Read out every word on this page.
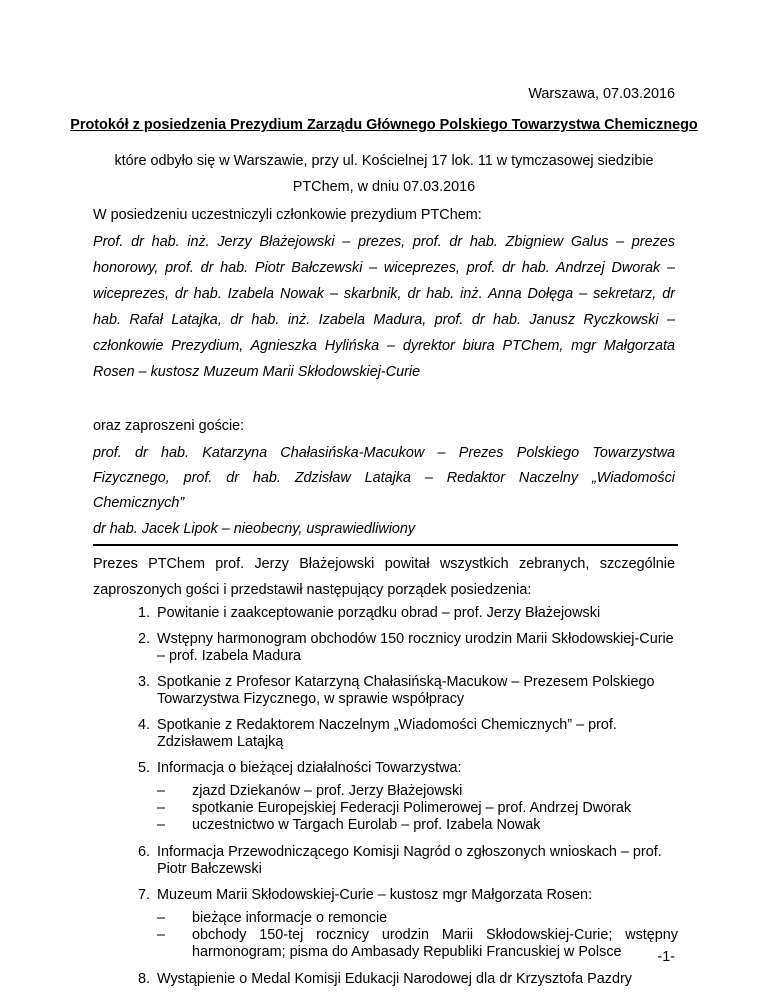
Warszawa, 07.03.2016
Protokół z posiedzenia Prezydium Zarządu Głównego Polskiego Towarzystwa Chemicznego
które odbyło się w Warszawie, przy ul. Kościelnej 17 lok. 11 w tymczasowej siedzibie PTChem, w dniu 07.03.2016
W posiedzeniu uczestniczyli członkowie prezydium PTChem:
Prof. dr hab. inż. Jerzy Błażejowski – prezes, prof. dr hab. Zbigniew Galus – prezes honorowy, prof. dr hab. Piotr Bałczewski – wiceprezes, prof. dr hab. Andrzej Dworak – wiceprezes, dr hab. Izabela Nowak – skarbnik, dr hab. inż. Anna Dołęga – sekretarz, dr hab. Rafał Latajka, dr hab. inż. Izabela Madura, prof. dr hab. Janusz Ryczkowski – członkowie Prezydium, Agnieszka Hylińska – dyrektor biura PTChem, mgr Małgorzata Rosen – kustosz Muzeum Marii Skłodowskiej-Curie
oraz zaproszeni goście:
prof. dr hab. Katarzyna Chałasińska-Macukow – Prezes Polskiego Towarzystwa Fizycznego, prof. dr hab. Zdzisław Latajka – Redaktor Naczelny „Wiadomości Chemicznych”
dr hab. Jacek Lipok – nieobecny, usprawiedliwiony
Prezes PTChem prof. Jerzy Błażejowski powitał wszystkich zebranych, szczególnie zaproszonych gości i przedstawił następujący porządek posiedzenia:
1. Powitanie i zaakceptowanie porządku obrad – prof. Jerzy Błażejowski
2. Wstępny harmonogram obchodów 150 rocznicy urodzin Marii Skłodowskiej-Curie – prof. Izabela Madura
3. Spotkanie z Profesor Katarzyną Chałasińską-Macukow – Prezesem Polskiego Towarzystwa Fizycznego, w sprawie współpracy
4. Spotkanie z Redaktorem Naczelnym „Wiadomości Chemicznych” – prof. Zdzisławem Latajką
5. Informacja o bieżącej działalności Towarzystwa:
– zjazd Dziekanów – prof. Jerzy Błażejowski
– spotkanie Europejskiej Federacji Polimerowej – prof. Andrzej Dworak
– uczestnictwo w Targach Eurolab – prof. Izabela Nowak
6. Informacja Przewodniczącego Komisji Nagród o zgłoszonych wnioskach – prof. Piotr Bałczewski
7. Muzeum Marii Skłodowskiej-Curie – kustosz mgr Małgorzata Rosen:
– bieżące informacje o remoncie
– obchody 150-tej rocznicy urodzin Marii Skłodowskiej-Curie; wstępny harmonogram; pisma do Ambasady Republiki Francuskiej w Polsce
8. Wystąpienie o Medal Komisji Edukacji Narodowej dla dr Krzysztofa Pazdry
-1-
